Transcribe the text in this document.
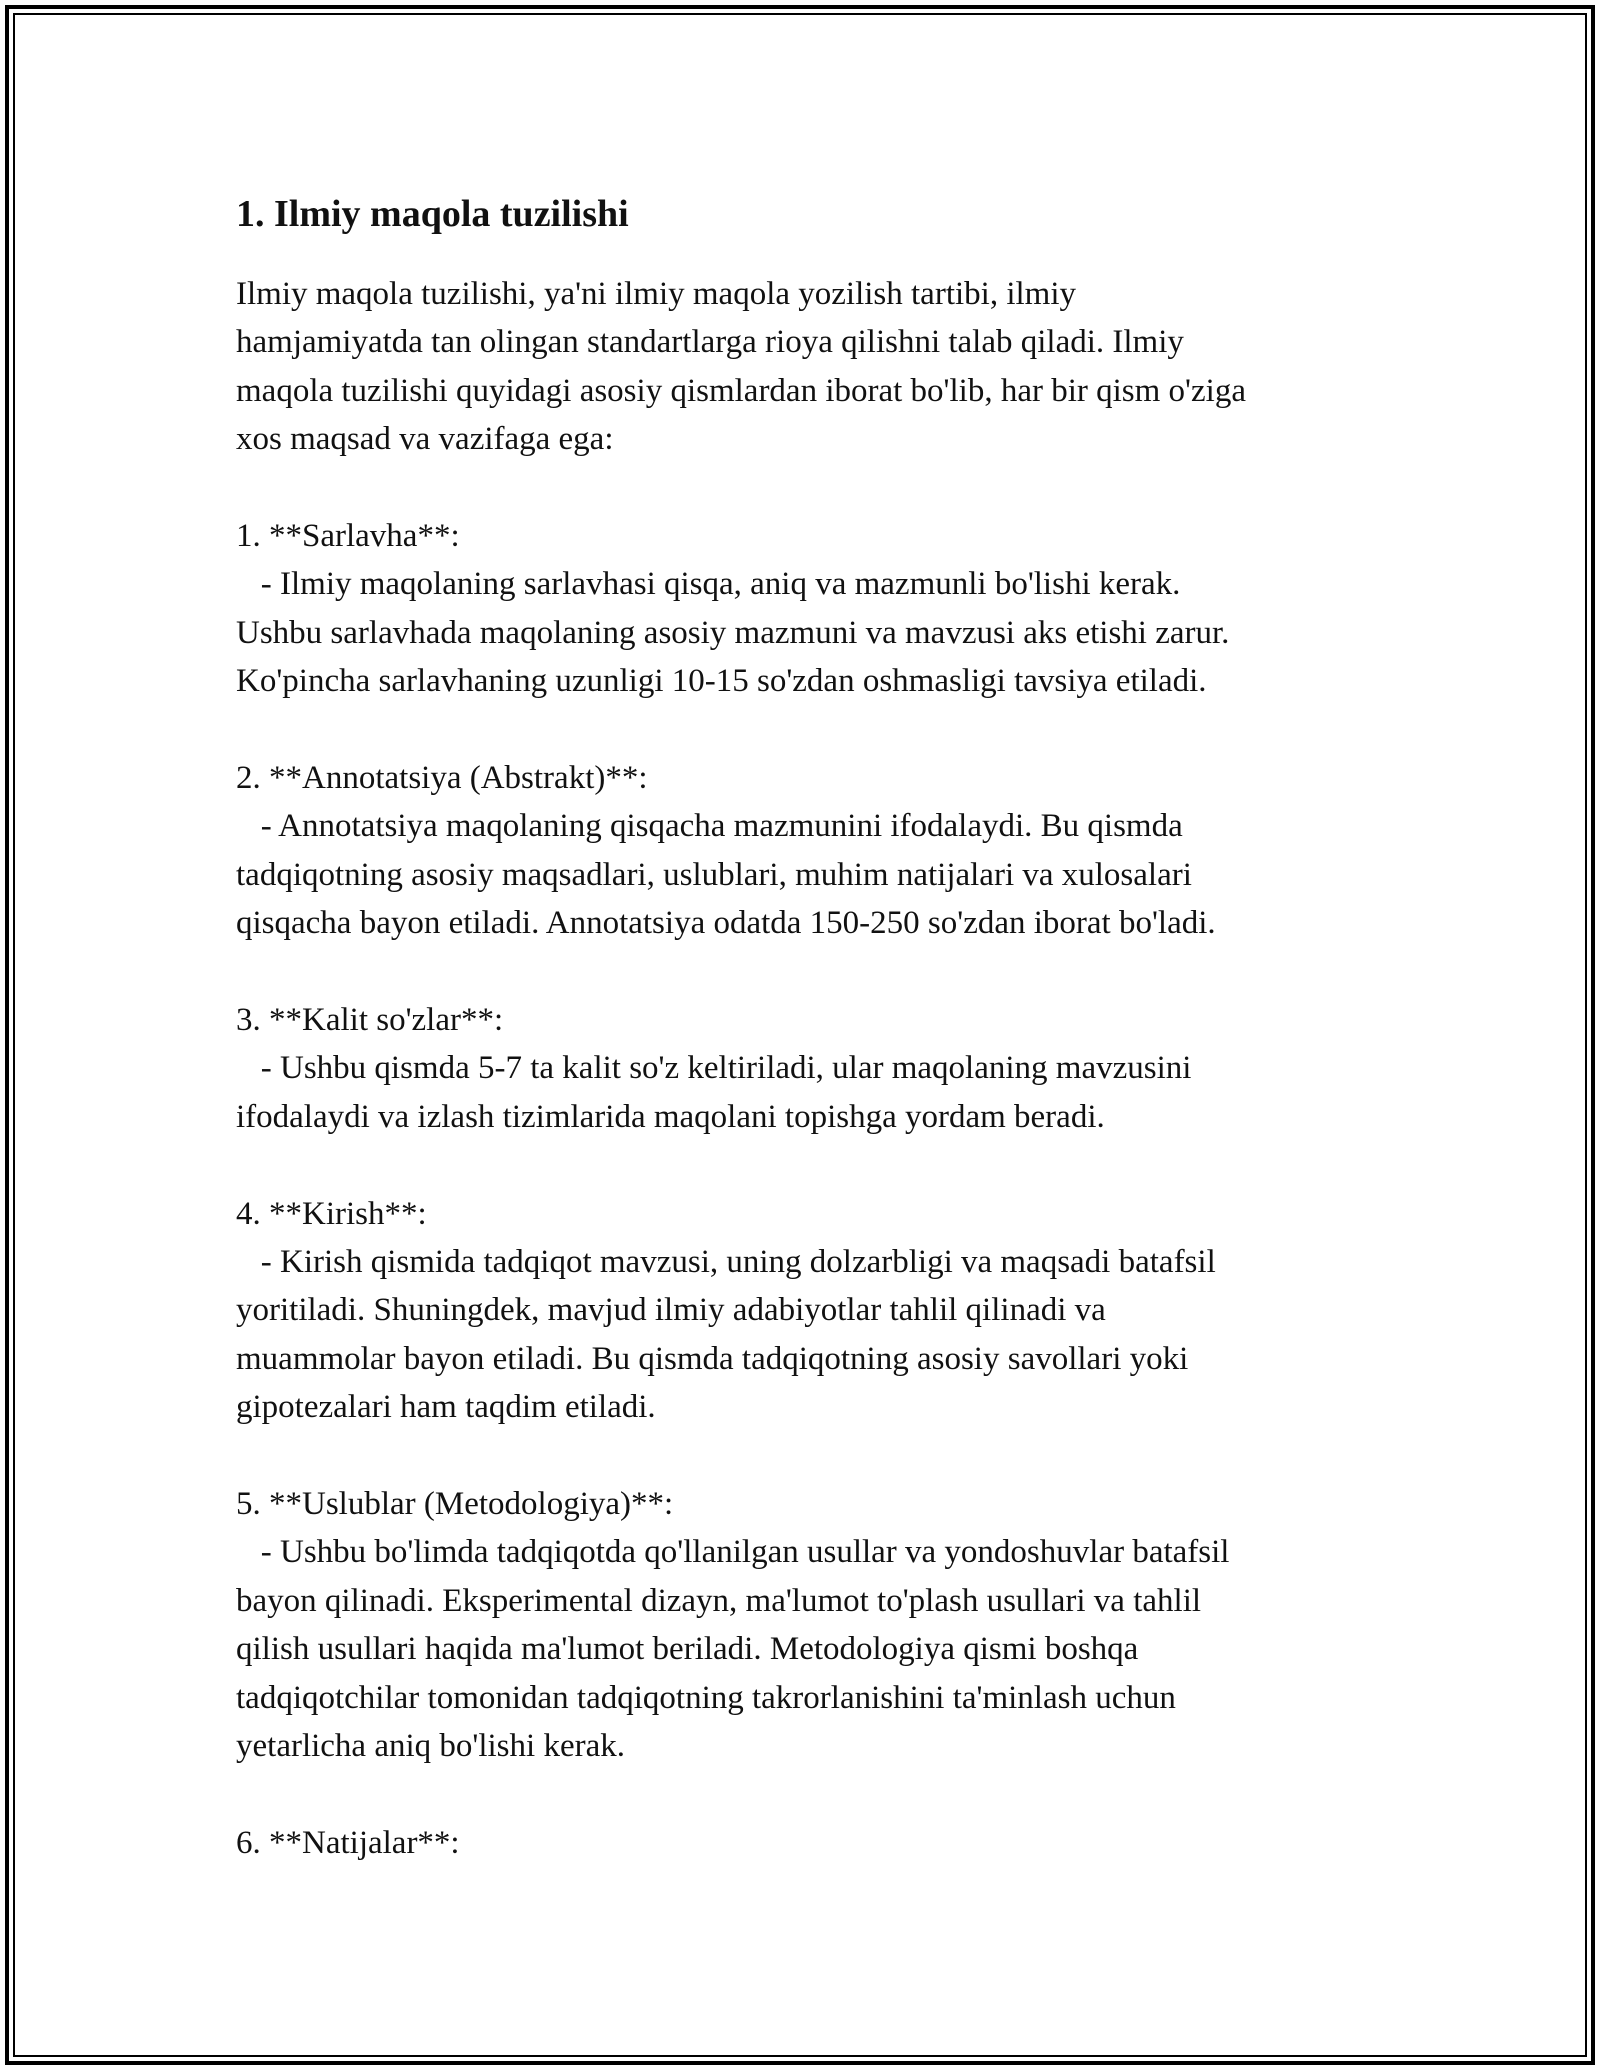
1. Ilmiy maqola tuzilishi
Ilmiy maqola tuzilishi, ya'ni ilmiy maqola yozilish tartibi, ilmiy
hamjamiyatda tan olingan standartlarga rioya qilishni talab qiladi. Ilmiy
maqola tuzilishi quyidagi asosiy qismlardan iborat bo'lib, har bir qism o'ziga
xos maqsad va vazifaga ega:
1. **Sarlavha**:
- Ilmiy maqolaning sarlavhasi qisqa, aniq va mazmunli bo'lishi kerak.
Ushbu sarlavhada maqolaning asosiy mazmuni va mavzusi aks etishi zarur.
Ko'pincha sarlavhaning uzunligi 10-15 so'zdan oshmasligi tavsiya etiladi.
2. **Annotatsiya (Abstrakt)**:
- Annotatsiya maqolaning qisqacha mazmunini ifodalaydi. Bu qismda
tadqiqotning asosiy maqsadlari, uslublari, muhim natijalari va xulosalari
qisqacha bayon etiladi. Annotatsiya odatda 150-250 so'zdan iborat bo'ladi.
3. **Kalit so'zlar**:
- Ushbu qismda 5-7 ta kalit so'z keltiriladi, ular maqolaning mavzusini
ifodalaydi va izlash tizimlarida maqolani topishga yordam beradi.
4. **Kirish**:
- Kirish qismida tadqiqot mavzusi, uning dolzarbligi va maqsadi batafsil
yoritiladi. Shuningdek, mavjud ilmiy adabiyotlar tahlil qilinadi va
muammolar bayon etiladi. Bu qismda tadqiqotning asosiy savollari yoki
gipotezalari ham taqdim etiladi.
5. **Uslublar (Metodologiya)**:
- Ushbu bo'limda tadqiqotda qo'llanilgan usullar va yondoshuvlar batafsil
bayon qilinadi. Eksperimental dizayn, ma'lumot to'plash usullari va tahlil
qilish usullari haqida ma'lumot beriladi. Metodologiya qismi boshqa
tadqiqotchilar tomonidan tadqiqotning takrorlanishini ta'minlash uchun
yetarlicha aniq bo'lishi kerak.
6. **Natijalar**:
